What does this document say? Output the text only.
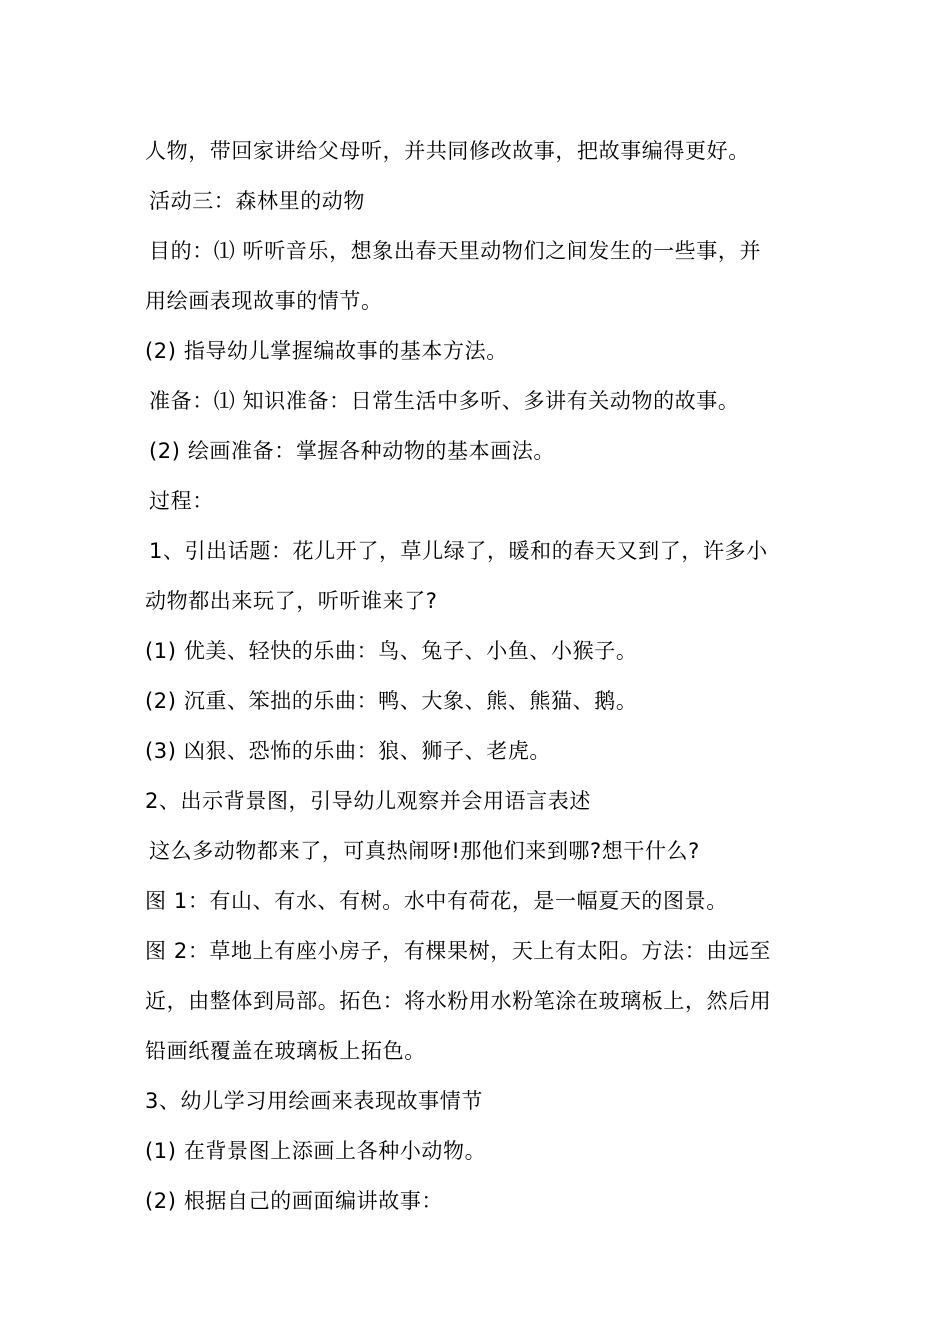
人物，带回家讲给父母听，并共同修改故事，把故事编得更好。
活动三：森林里的动物
目的：⑴ 听听音乐，想象出春天里动物们之间发生的一些事，并
用绘画表现故事的情节。
(2) 指导幼儿掌握编故事的基本方法。
准备：⑴ 知识准备：日常生活中多听、多讲有关动物的故事。
(2) 绘画准备：掌握各种动物的基本画法。
过程：
1、引出话题：花儿开了，草儿绿了，暖和的春天又到了，许多小
动物都出来玩了，听听谁来了?
(1) 优美、轻快的乐曲：鸟、兔子、小鱼、小猴子。
(2) 沉重、笨拙的乐曲：鸭、大象、熊、熊猫、鹅。
(3) 凶狠、恐怖的乐曲：狼、狮子、老虎。
2、出示背景图，引导幼儿观察并会用语言表述
这么多动物都来了，可真热闹呀!那他们来到哪?想干什么?
图 1：有山、有水、有树。水中有荷花，是一幅夏天的图景。
图 2：草地上有座小房子，有棵果树，天上有太阳。方法：由远至
近，由整体到局部。拓色：将水粉用水粉笔涂在玻璃板上，然后用
铅画纸覆盖在玻璃板上拓色。
3、幼儿学习用绘画来表现故事情节
(1) 在背景图上添画上各种小动物。
(2) 根据自己的画面编讲故事：
